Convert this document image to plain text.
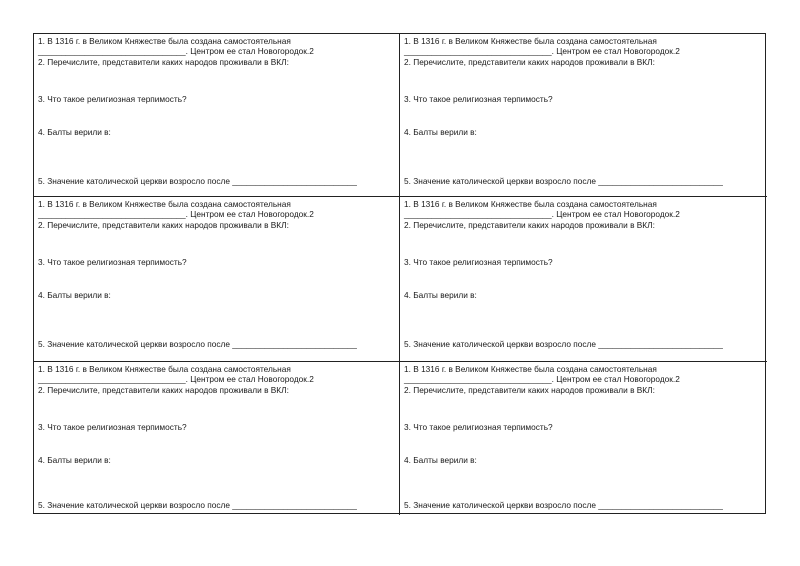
1. В 1316 г. в Великом Княжестве была создана самостоятельная
________________________________. Центром ее стал Новогородок.2
2. Перечислите, представители каких народов проживали в ВКЛ:
3. Что такое религиозная терпимость?
4. Балты верили в:
5. Значение католической церкви возросло после ___________________________
1. В 1316 г. в Великом Княжестве была создана самостоятельная
________________________________. Центром ее стал Новогородок.2
2. Перечислите, представители каких народов проживали в ВКЛ:
3. Что такое религиозная терпимость?
4. Балты верили в:
5. Значение католической церкви возросло после ___________________________
1. В 1316 г. в Великом Княжестве была создана самостоятельная
________________________________. Центром ее стал Новогородок.2
2. Перечислите, представители каких народов проживали в ВКЛ:
3. Что такое религиозная терпимость?
4. Балты верили в:
5. Значение католической церкви возросло после ___________________________
1. В 1316 г. в Великом Княжестве была создана самостоятельная
________________________________. Центром ее стал Новогородок.2
2. Перечислите, представители каких народов проживали в ВКЛ:
3. Что такое религиозная терпимость?
4. Балты верили в:
5. Значение католической церкви возросло после ___________________________
1. В 1316 г. в Великом Княжестве была создана самостоятельная
________________________________. Центром ее стал Новогородок.2
2. Перечислите, представители каких народов проживали в ВКЛ:
3. Что такое религиозная терпимость?
4. Балты верили в:
5. Значение католической церкви возросло после ___________________________
1. В 1316 г. в Великом Княжестве была создана самостоятельная
________________________________. Центром ее стал Новогородок.2
2. Перечислите, представители каких народов проживали в ВКЛ:
3. Что такое религиозная терпимость?
4. Балты верили в:
5. Значение католической церкви возросло после ___________________________
